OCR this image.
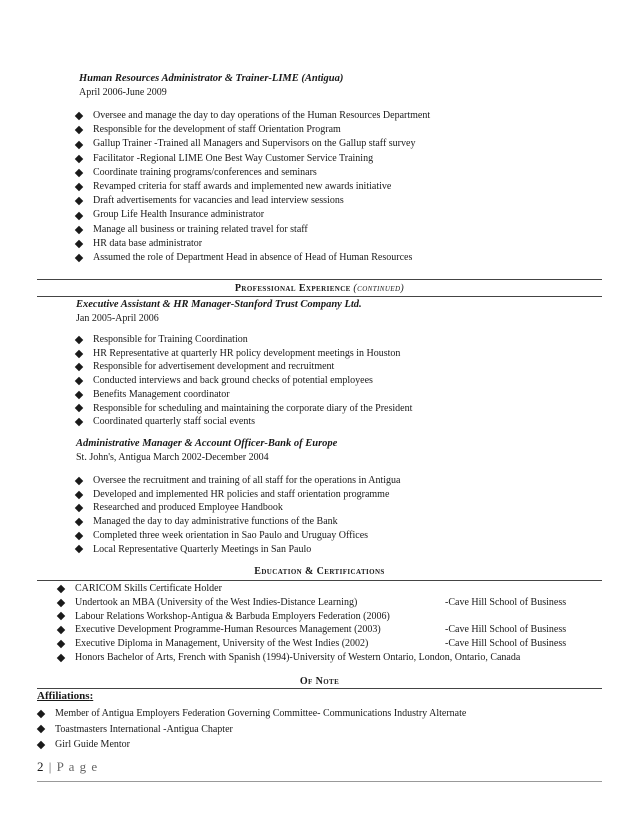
Human Resources Administrator & Trainer-LIME (Antigua)
April 2006-June 2009
Oversee and manage the day to day operations of the Human Resources Department
Responsible for the development of staff Orientation Program
Gallup Trainer -Trained all Managers and Supervisors on the Gallup staff survey
Facilitator -Regional LIME One Best Way Customer Service Training
Coordinate training programs/conferences and seminars
Revamped criteria for staff awards and implemented new awards initiative
Draft advertisements for vacancies and lead interview sessions
Group Life Health Insurance administrator
Manage all business or training related travel for staff
HR data base administrator
Assumed the role of Department Head in absence of Head of Human Resources
Professional Experience (continued)
Executive Assistant & HR Manager-Stanford Trust Company Ltd.
Jan 2005-April 2006
Responsible for Training Coordination
HR Representative at quarterly HR policy development meetings in Houston
Responsible for advertisement development and recruitment
Conducted interviews and back ground checks of potential employees
Benefits Management coordinator
Responsible for scheduling and maintaining the corporate diary of the President
Coordinated quarterly staff social events
Administrative Manager & Account Officer-Bank of Europe
St. John's, Antigua March 2002-December 2004
Oversee the recruitment and training of all staff for the operations in Antigua
Developed and implemented HR policies and staff orientation programme
Researched and produced Employee Handbook
Managed the day to day administrative functions of the Bank
Completed three week orientation in Sao Paulo and Uruguay Offices
Local Representative Quarterly Meetings in San Paulo
Education & Certifications
CARICOM Skills Certificate Holder
Undertook an MBA (University of the West Indies-Distance Learning)	-Cave Hill School of Business
Labour Relations Workshop-Antigua & Barbuda Employers Federation (2006)
Executive Development Programme-Human Resources Management (2003)	-Cave Hill School of Business
Executive Diploma in Management, University of the West Indies (2002)	-Cave Hill School of Business
Honors Bachelor of Arts, French with Spanish (1994)-University of Western Ontario, London, Ontario, Canada
Of Note
Affiliations:
Member of Antigua Employers Federation Governing Committee- Communications Industry Alternate
Toastmasters International -Antigua Chapter
Girl Guide Mentor
2 | P a g e
